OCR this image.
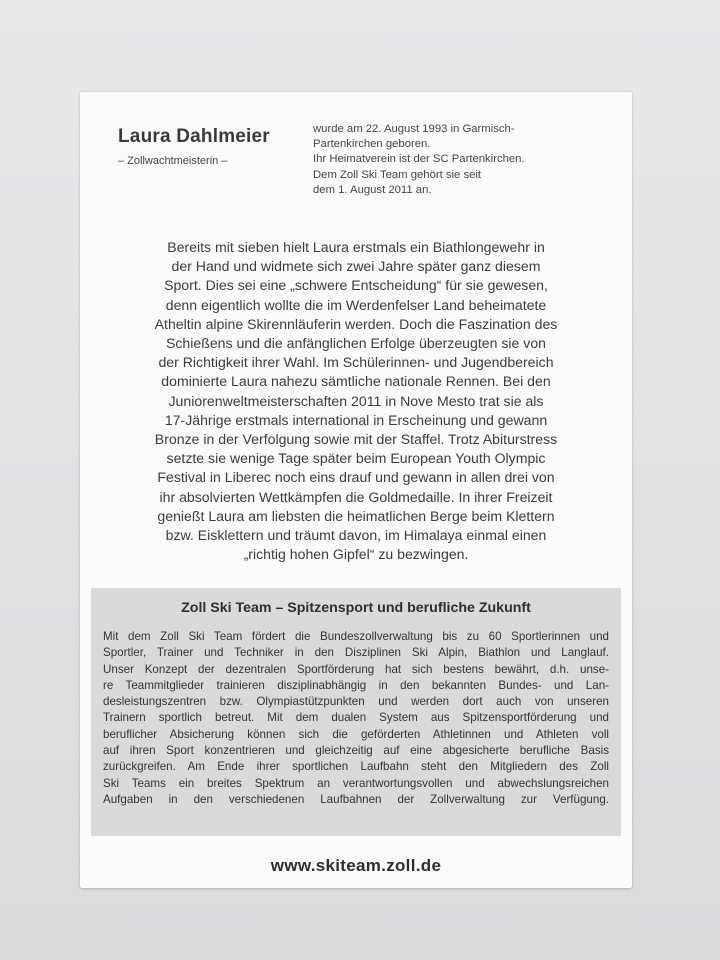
Laura Dahlmeier
– Zollwachtmeisterin –
wurde am 22. August 1993 in Garmisch-
Partenkirchen geboren.
Ihr Heimatverein ist der SC Partenkirchen.
Dem Zoll Ski Team gehört sie seit
dem 1. August 2011 an.
Bereits mit sieben hielt Laura erstmals ein Biathlongewehr in
der Hand und widmete sich zwei Jahre später ganz diesem
Sport. Dies sei eine „schwere Entscheidung“ für sie gewesen,
denn eigentlich wollte die im Werdenfelser Land beheimatete
Atheltin alpine Skirennläuferin werden. Doch die Faszination des
Schießens und die anfänglichen Erfolge überzeugten sie von
der Richtigkeit ihrer Wahl. Im Schülerinnen- und Jugendbereich
dominierte Laura nahezu sämtliche nationale Rennen. Bei den
Juniorenweltmeisterschaften 2011 in Nove Mesto trat sie als
17-Jährige erstmals international in Erscheinung und gewann
Bronze in der Verfolgung sowie mit der Staffel. Trotz Abiturstress
setzte sie wenige Tage später beim European Youth Olympic
Festival in Liberec noch eins drauf und gewann in allen drei von
ihr absolvierten Wettkämpfen die Goldmedaille. In ihrer Freizeit
genießt Laura am liebsten die heimatlichen Berge beim Klettern
bzw. Eisklettern und träumt davon, im Himalaya einmal einen
„richtig hohen Gipfel“ zu bezwingen.
Zoll Ski Team – Spitzensport und berufliche Zukunft
Mit dem Zoll Ski Team fördert die Bundeszollverwaltung bis zu 60 Sportlerinnen und
Sportler, Trainer und Techniker in den Disziplinen Ski Alpin, Biathlon und Langlauf.
Unser Konzept der dezentralen Sportförderung hat sich bestens bewährt, d.h. unse-
re Teammitglieder trainieren disziplinabhängig in den bekannten Bundes- und Lan-
desleistungszentren bzw. Olympiastützpunkten und werden dort auch von unseren
Trainern sportlich betreut. Mit dem dualen System aus Spitzensportförderung und
beruflicher Absicherung können sich die geförderten Athletinnen und Athleten voll
auf ihren Sport konzentrieren und gleichzeitig auf eine abgesicherte berufliche Basis
zurückgreifen. Am Ende ihrer sportlichen Laufbahn steht den Mitgliedern des Zoll
Ski Teams ein breites Spektrum an verantwortungsvollen und abwechslungsreichen
Aufgaben in den verschiedenen Laufbahnen der Zollverwaltung zur Verfügung.
www.skiteam.zoll.de
